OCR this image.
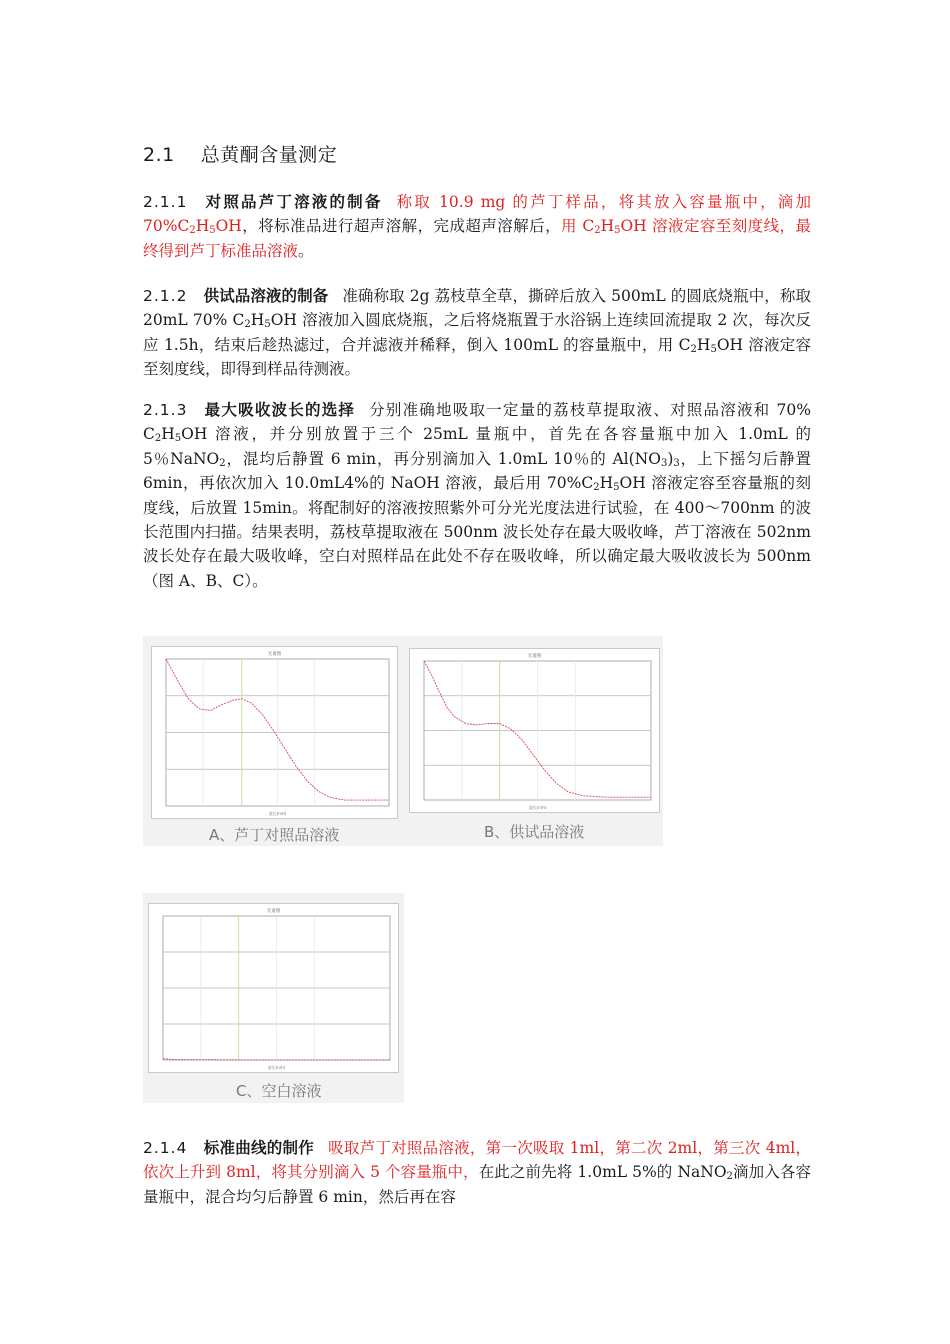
2.1 总黄酮含量测定
2.1.1 对照品芦丁溶液的制备 称取 10.9 mg 的芦丁样品，将其放入容量瓶中，滴加 $70\%C_2H_5OH$，将标准品进行超声溶解，完成超声溶解后，用 $C_2H_5OH$ 溶液定容至刻度线，最终得到芦丁标准品溶液。
2.1.2 供试品溶液的制备 准确称取 2g 荔枝草全草，撕碎后放入 500mL 的圆底烧瓶中，称取 20mL 70% $C_2H_5OH$ 溶液加入圆底烧瓶，之后将烧瓶置于水浴锅上连续回流提取 2 次，每次反应 1.5h，结束后趁热滤过，合并滤液并稀释，倒入 100mL 的容量瓶中，用 $C_2H_5OH$ 溶液定容至刻度线，即得到样品待测液。
2.1.3 最大吸收波长的选择 分别准确地吸取一定量的荔枝草提取液、对照品溶液和 70% $C_2H_5OH$ 溶液，并分别放置于三个 25mL 量瓶中，首先在各容量瓶中加入 1.0mL 的 5％NaNO$_2$，混均后静置 6 min，再分别滴加入 1.0mL 10％的 $Al(NO_3)_3$，上下摇匀后静置 6min，再依次加入 10.0mL4%的 NaOH 溶液，最后用 $70\%C_2H_5OH$ 溶液定容至容量瓶的刻度线，后放置 15min。将配制好的溶液按照紫外可分光光度法进行试验，在 400～700nm 的波长范围内扫描。结果表明，荔枝草提取液在 500nm 波长处存在最大吸收峰，芦丁溶液在 502nm 波长处存在最大吸收峰，空白对照样品在此处不存在吸收峰，所以确定最大吸收波长为 500nm（图 A、B、C）。
光谱图
波长(nm)
A、芦丁对照品溶液
光谱图
波长(nm)
B、供试品溶液
光谱图
波长(nm)
C、空白溶液
2.1.4 标准曲线的制作 吸取芦丁对照品溶液，第一次吸取 1ml，第二次 2ml，第三次 4ml，依次上升到 8ml，将其分别滴入 5 个容量瓶中，在此之前先将 1.0mL 5%的 NaNO$_2$滴加入各容量瓶中，混合均匀后静置 6 min，然后再在容
